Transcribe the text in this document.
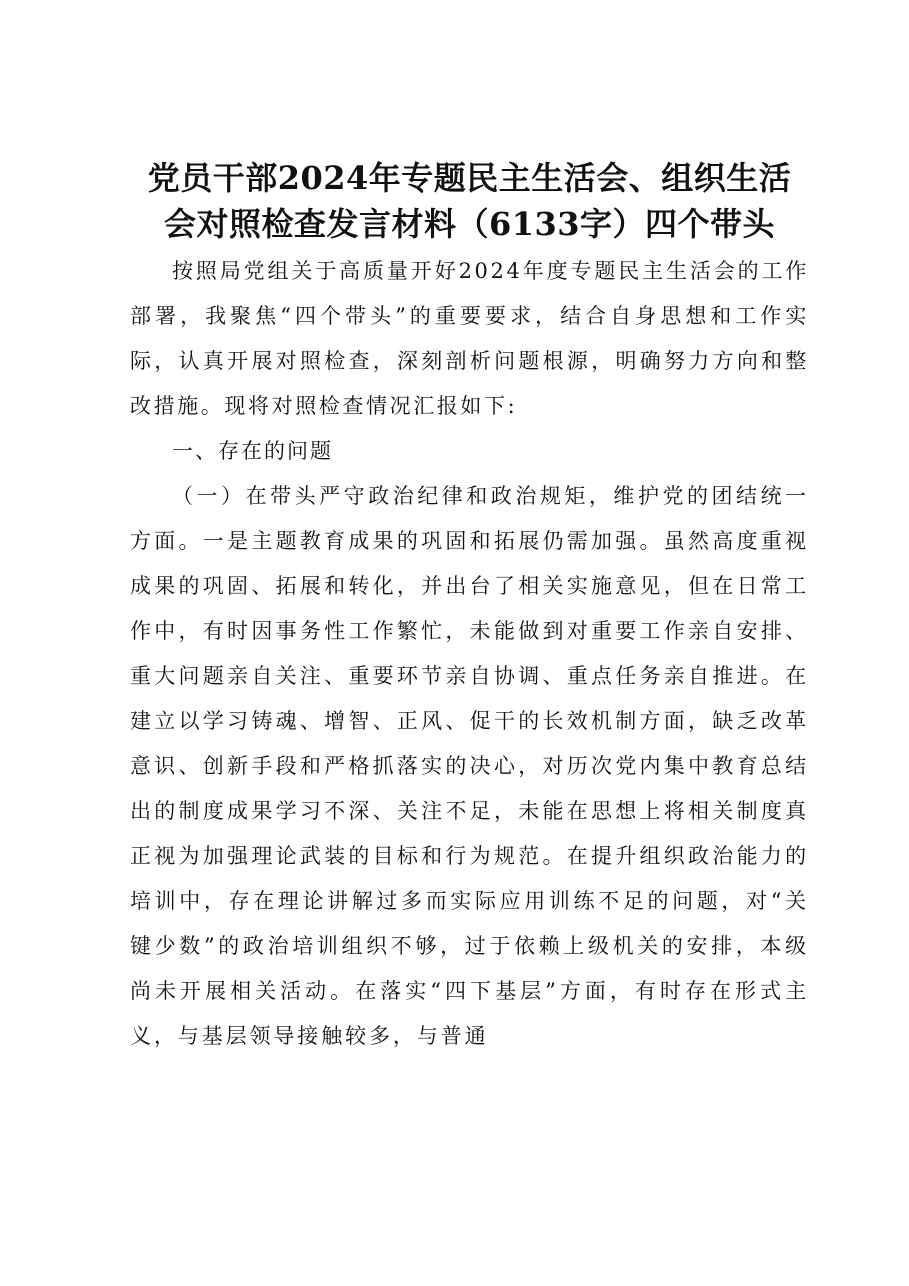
党员干部2024年专题民主生活会、组织生活
会对照检查发言材料（6133字）四个带头

按照局党组关于高质量开好2024年度专题民主生活会的工作部署，我聚焦“四个带头”的重要要求，结合自身思想和工作实际，认真开展对照检查，深刻剖析问题根源，明确努力方向和整改措施。现将对照检查情况汇报如下:

一、存在的问题

（一）在带头严守政治纪律和政治规矩，维护党的团结统一方面。一是主题教育成果的巩固和拓展仍需加强。虽然高度重视成果的巩固、拓展和转化，并出台了相关实施意见，但在日常工作中，有时因事务性工作繁忙，未能做到对重要工作亲自安排、重大问题亲自关注、重要环节亲自协调、重点任务亲自推进。在建立以学习铸魂、增智、正风、促干的长效机制方面，缺乏改革意识、创新手段和严格抓落实的决心，对历次党内集中教育总结出的制度成果学习不深、关注不足，未能在思想上将相关制度真正视为加强理论武装的目标和行为规范。在提升组织政治能力的培训中，存在理论讲解过多而实际应用训练不足的问题，对“关键少数”的政治培训组织不够，过于依赖上级机关的安排，本级尚未开展相关活动。在落实“四下基层”方面，有时存在形式主义，与基层领导接触较多，与普通
